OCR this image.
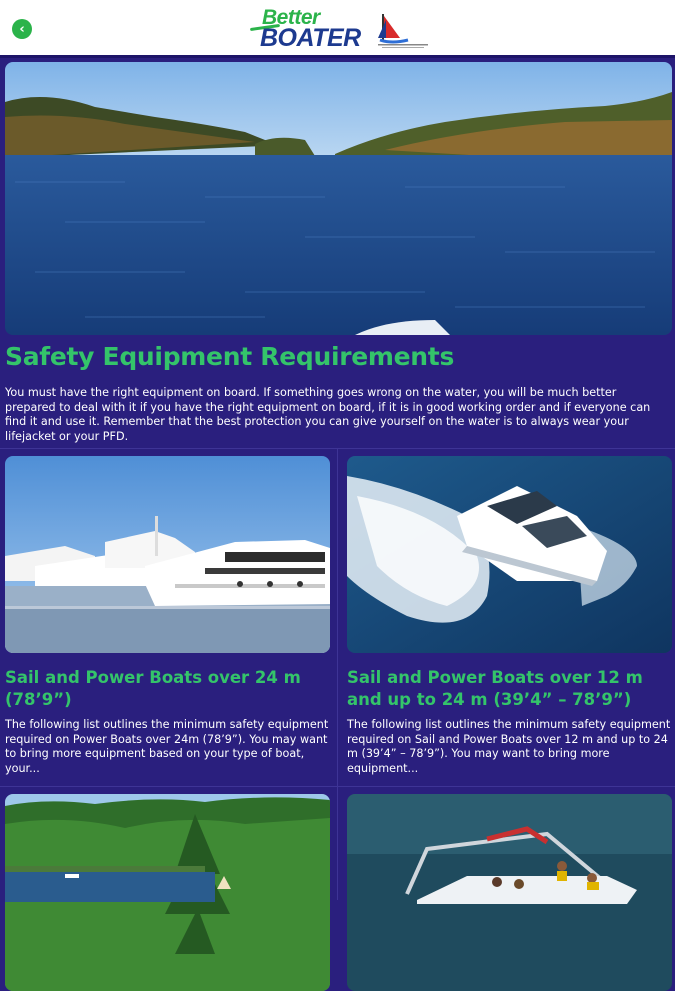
‹	Better
BOATER
Safety Equipment Requirements

You must have the right equipment on board. If something goes wrong on the water, you will be much better prepared to deal with it if you have the right equipment on board, if it is in good working order and if everyone can find it and use it. Remember that the best protection you can give yourself on the water is to always wear your lifejacket or your PFD.

Sail and Power Boats over 24 m (78’9”)

The following list outlines the minimum safety equipment required on Power Boats over 24m (78’9”). You may want to bring more equipment based on your type of boat, your...

Sail and Power Boats over 12 m and up to 24 m (39’4” – 78’9”)

The following list outlines the minimum safety equipment required on Sail and Power Boats over 12 m and up to 24 m (39’4” – 78’9”). You may want to bring more equipment...
